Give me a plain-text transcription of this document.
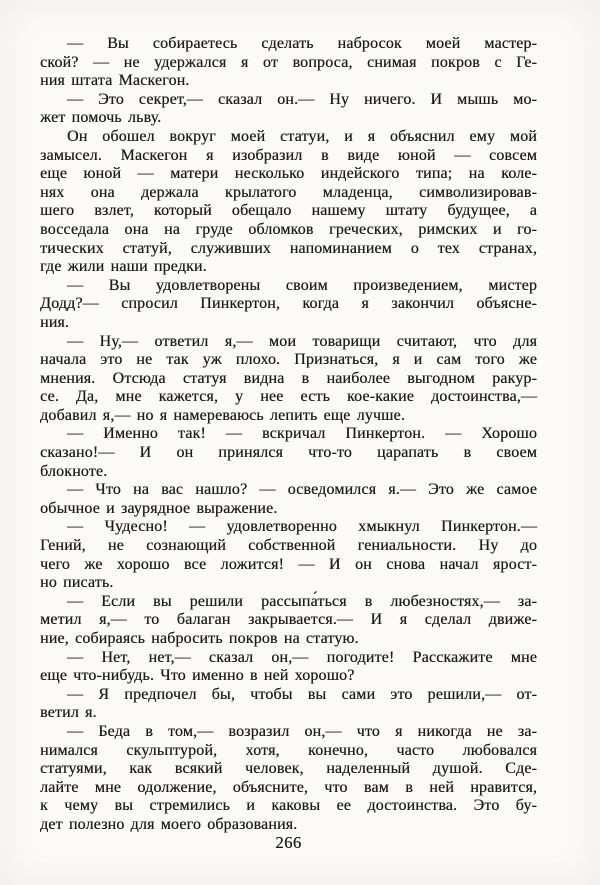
— Вы собираетесь сделать набросок моей мастер-
ской? — не удержался я от вопроса, снимая покров с Ге-
ния штата Маскегон.
— Это секрет,— сказал он.— Ну ничего. И мышь мо-
жет помочь льву.
Он обошел вокруг моей статуи, и я объяснил ему мой
замысел. Маскегон я изобразил в виде юной — совсем
еще юной — матери несколько индейского типа; на коле-
нях она держала крылатого младенца, символизировав-
шего взлет, который обещало нашему штату будущее, а
восседала она на груде обломков греческих, римских и го-
тических статуй, служивших напоминанием о тех странах,
где жили наши предки.
— Вы удовлетворены своим произведением, мистер
Додд?— спросил Пинкертон, когда я закончил объясне-
ния.
— Ну,— ответил я,— мои товарищи считают, что для
начала это не так уж плохо. Признаться, я и сам того же
мнения. Отсюда статуя видна в наиболее выгодном ракур-
се. Да, мне кажется, у нее есть кое-какие достоинства,—
добавил я,— но я намереваюсь лепить еще лучше.
— Именно так! — вскричал Пинкертон. — Хорошо
сказано!— И он принялся что-то царапать в своем
блокноте.
— Что на вас нашло? — осведомился я.— Это же самое
обычное и заурядное выражение.
— Чудесно! — удовлетворенно хмыкнул Пинкертон.—
Гений, не сознающий собственной гениальности. Ну до
чего же хорошо все ложится! — И он снова начал ярост-
но писать.
— Если вы решили рассыпа́ться в любезностях,— за-
метил я,— то балаган закрывается.— И я сделал движе-
ние, собираясь набросить покров на статую.
— Нет, нет,— сказал он,— погодите! Расскажите мне
еще что-нибудь. Что именно в ней хорошо?
— Я предпочел бы, чтобы вы сами это решили,— от-
ветил я.
— Беда в том,— возразил он,— что я никогда не за-
нимался скульптурой, хотя, конечно, часто любовался
статуями, как всякий человек, наделенный душой. Сде-
лайте мне одолжение, объясните, что вам в ней нравится,
к чему вы стремились и каковы ее достоинства. Это бу-
дет полезно для моего образования.
266
